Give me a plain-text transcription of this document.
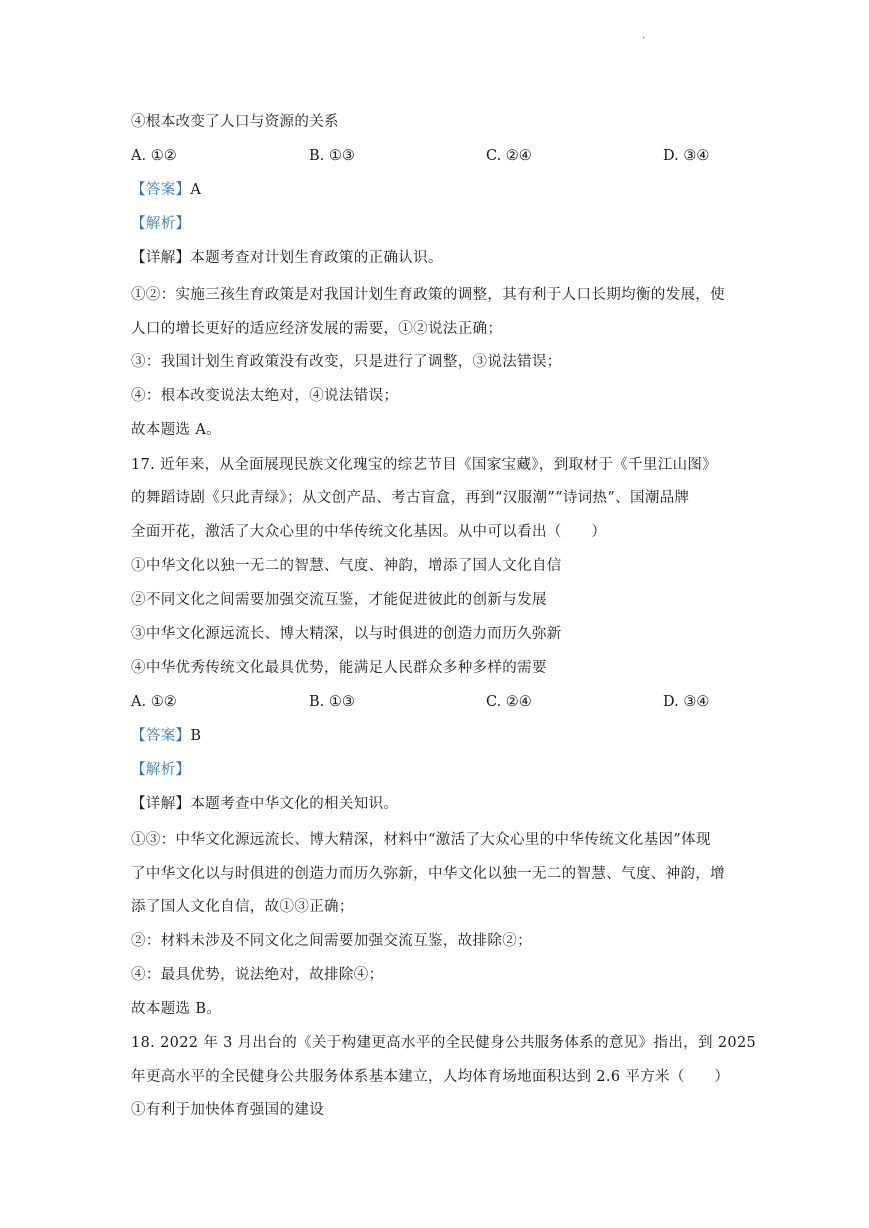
.
④根本改变了人口与资源的关系
A. ①②	B. ①③	C. ②④	D. ③④
【答案】A
【解析】
【详解】本题考查对计划生育政策的正确认识。
①②：实施三孩生育政策是对我国计划生育政策的调整，其有利于人口长期均衡的发展，使
人口的增长更好的适应经济发展的需要，①②说法正确；
③：我国计划生育政策没有改变，只是进行了调整，③说法错误；
④：根本改变说法太绝对，④说法错误；
故本题选 A。
17. 近年来，从全面展现民族文化瑰宝的综艺节目《国家宝藏》，到取材于《千里江山图》
的舞蹈诗剧《只此青绿》；从文创产品、考古盲盒，再到“汉服潮”“诗词热”、国潮品牌
全面开花，激活了大众心里的中华传统文化基因。从中可以看出（　　）
①中华文化以独一无二的智慧、气度、神韵，增添了国人文化自信
②不同文化之间需要加强交流互鉴，才能促进彼此的创新与发展
③中华文化源远流长、博大精深，以与时俱进的创造力而历久弥新
④中华优秀传统文化最具优势，能满足人民群众多种多样的需要
A. ①②	B. ①③	C. ②④	D. ③④
【答案】B
【解析】
【详解】本题考查中华文化的相关知识。
①③：中华文化源远流长、博大精深，材料中“激活了大众心里的中华传统文化基因”体现
了中华文化以与时俱进的创造力而历久弥新，中华文化以独一无二的智慧、气度、神韵，增
添了国人文化自信，故①③正确；
②：材料未涉及不同文化之间需要加强交流互鉴，故排除②；
④：最具优势，说法绝对，故排除④；
故本题选 B。
18. 2022 年 3 月出台的《关于构建更高水平的全民健身公共服务体系的意见》指出，到 2025
年更高水平的全民健身公共服务体系基本建立，人均体育场地面积达到 2.6 平方米（　　）
①有利于加快体育强国的建设
